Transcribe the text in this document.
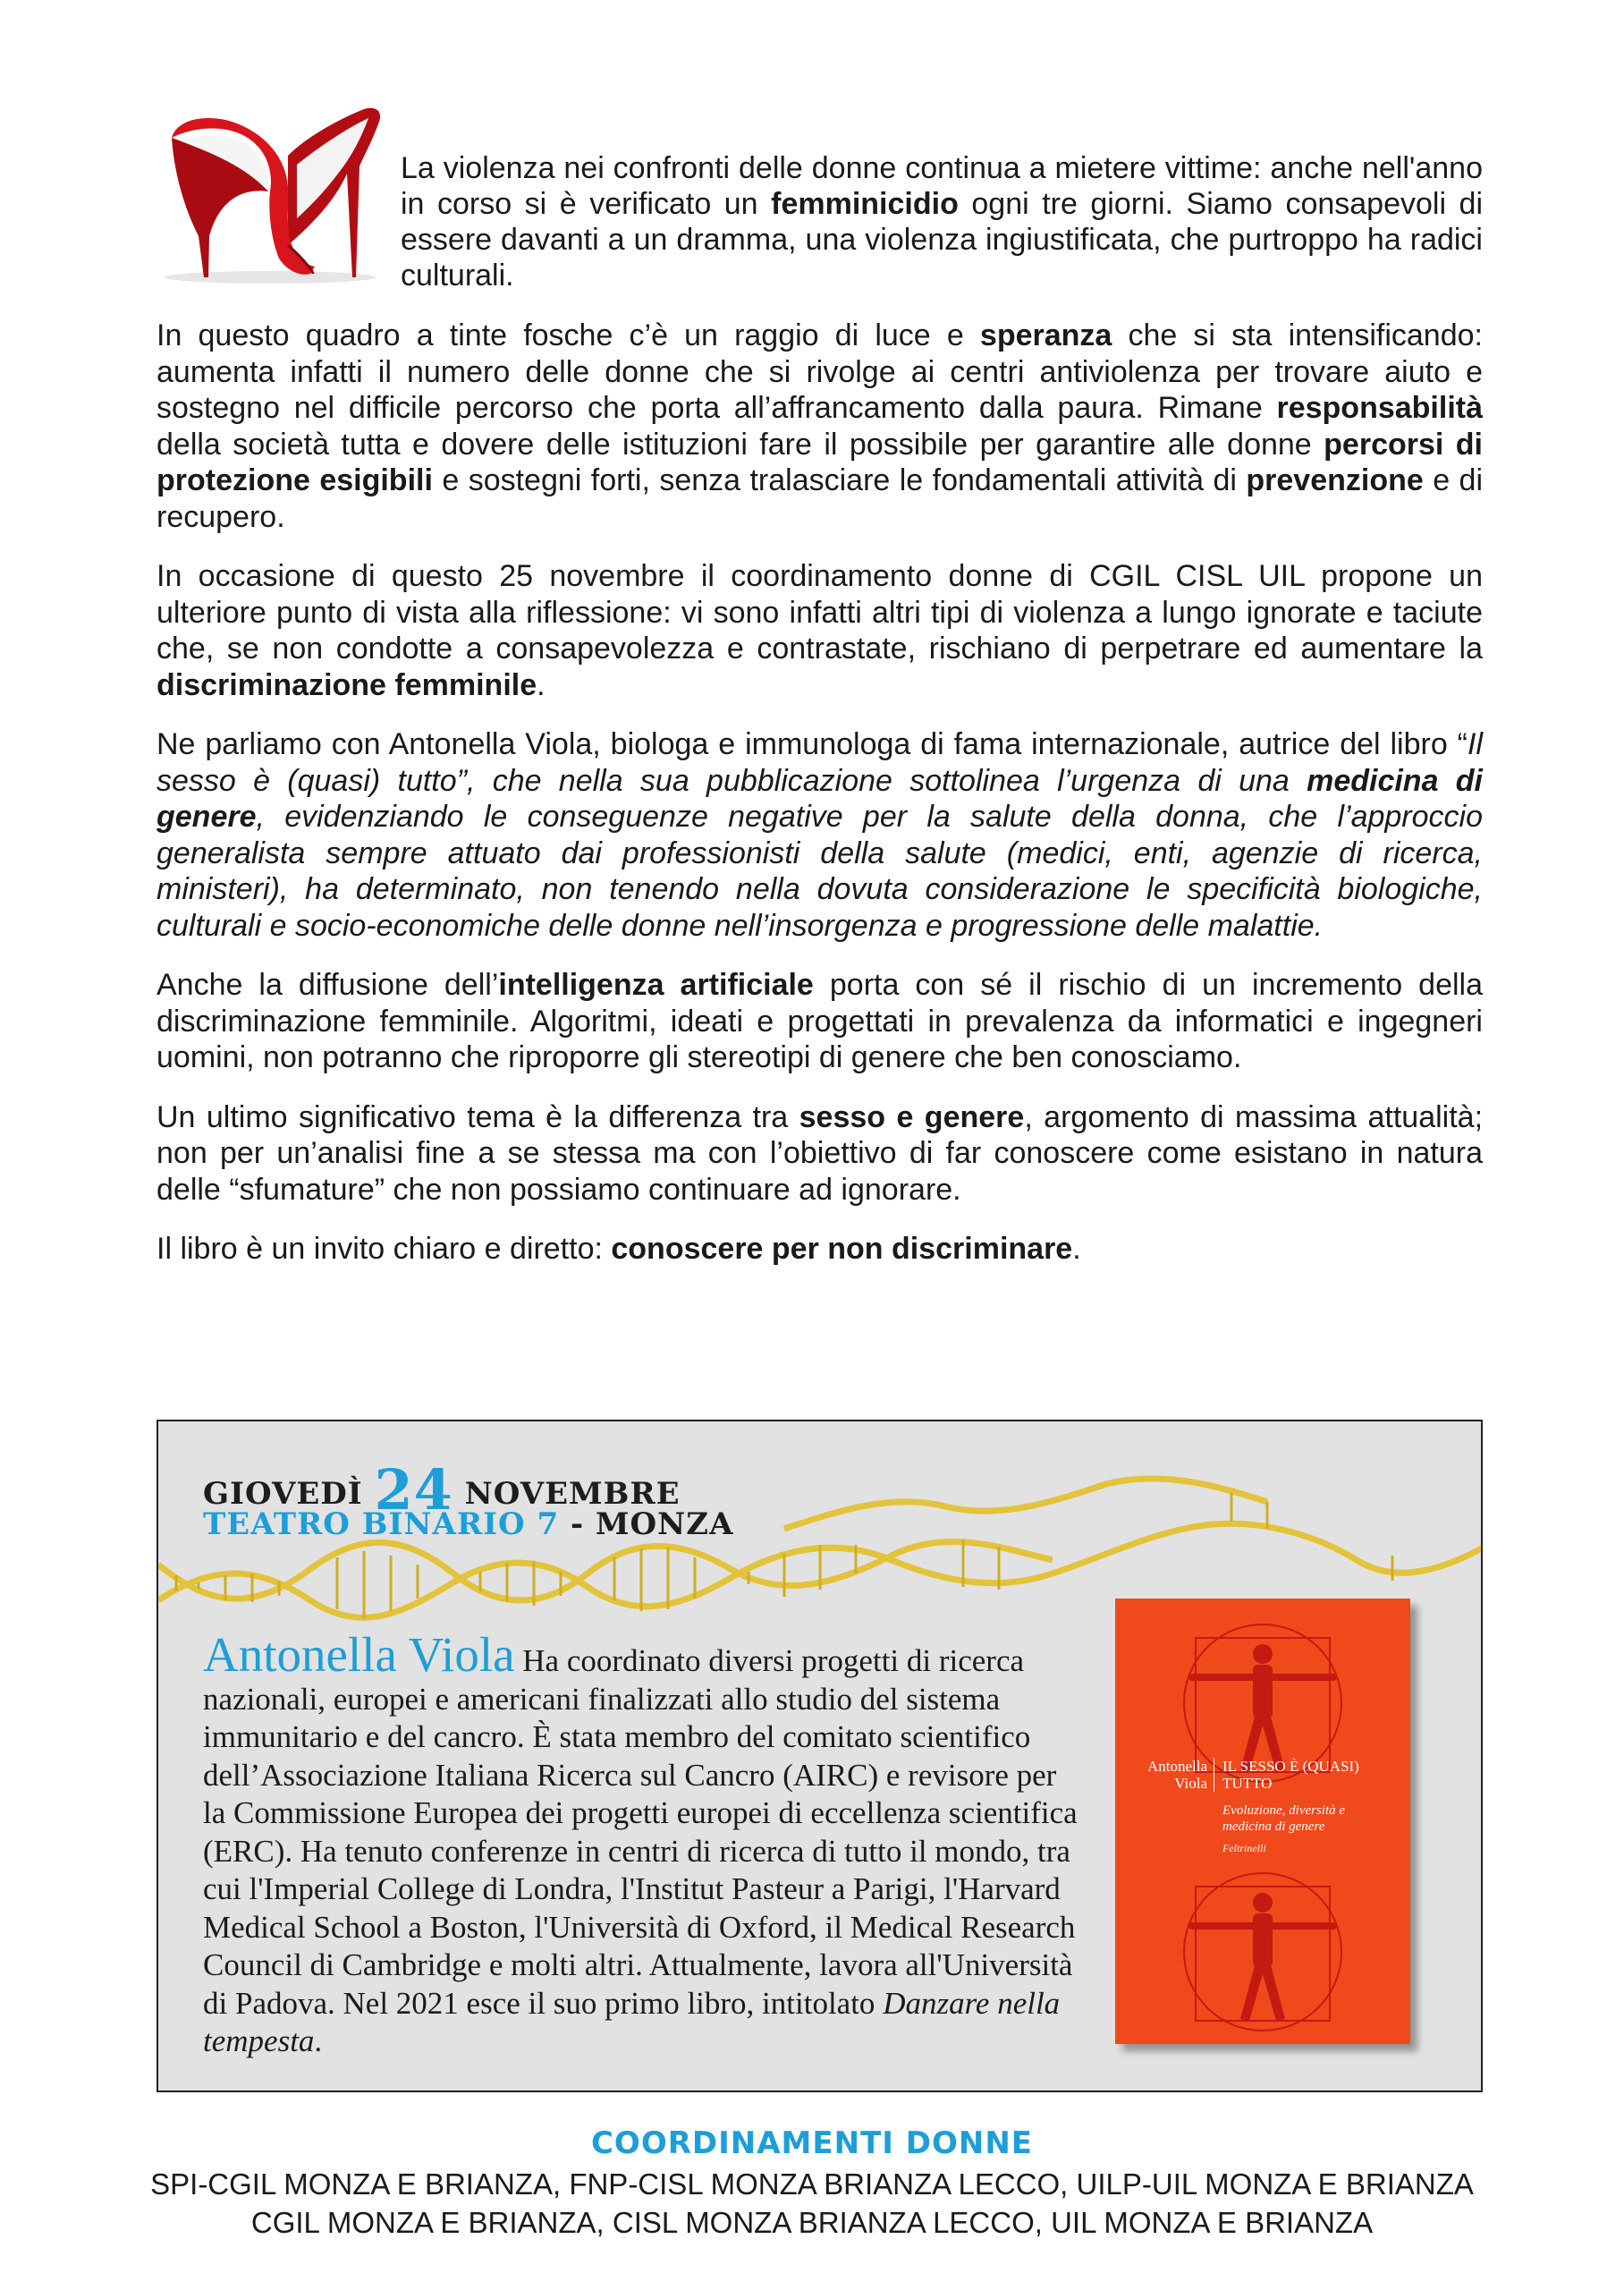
La violenza nei confronti delle donne continua a mietere vittime: anche nell'anno in corso si è verificato un femminicidio ogni tre giorni. Siamo consapevoli di essere davanti a un dramma, una violenza ingiustificata, che purtroppo ha radici culturali.

In questo quadro a tinte fosche c’è un raggio di luce e speranza che si sta intensificando: aumenta infatti il numero delle donne che si rivolge ai centri antiviolenza per trovare aiuto e sostegno nel difficile percorso che porta all’affrancamento dalla paura. Rimane responsabilità della società tutta e dovere delle istituzioni fare il possibile per garantire alle donne percorsi di protezione esigibili e sostegni forti, senza tralasciare le fondamentali attività di prevenzione e di recupero.

In occasione di questo 25 novembre il coordinamento donne di CGIL CISL UIL propone un ulteriore punto di vista alla riflessione: vi sono infatti altri tipi di violenza a lungo ignorate e taciute che, se non condotte a consapevolezza e contrastate, rischiano di perpetrare ed aumentare la discriminazione femminile.

Ne parliamo con Antonella Viola, biologa e immunologa di fama internazionale, autrice del libro “Il sesso è (quasi) tutto”, che nella sua pubblicazione sottolinea l’urgenza di una medicina di genere, evidenziando le conseguenze negative per la salute della donna, che l’approccio generalista sempre attuato dai professionisti della salute (medici, enti, agenzie di ricerca, ministeri), ha determinato, non tenendo nella dovuta considerazione le specificità biologiche, culturali e socio-economiche delle donne nell’insorgenza e progressione delle malattie.

Anche la diffusione dell’intelligenza artificiale porta con sé il rischio di un incremento della discriminazione femminile. Algoritmi, ideati e progettati in prevalenza da informatici e ingegneri uomini, non potranno che riproporre gli stereotipi di genere che ben conosciamo.

Un ultimo significativo tema è la differenza tra sesso e genere, argomento di massima attualità; non per un’analisi fine a se stessa ma con l’obiettivo di far conoscere come esistano in natura delle “sfumature” che non possiamo continuare ad ignorare.

Il libro è un invito chiaro e diretto: conoscere per non discriminare.

GIOVEDÌ 24 NOVEMBRE
TEATRO BINARIO 7 - MONZA
Antonella Viola
IL SESSO È (QUASI) TUTTO
Evoluzione, diversità e medicina di genere
Feltrinelli
Antonella Viola Ha coordinato diversi progetti di ricerca nazionali, europei e americani finalizzati allo studio del sistema immunitario e del cancro. È stata membro del comitato scientifico dell’Associazione Italiana Ricerca sul Cancro (AIRC) e revisore per la Commissione Europea dei progetti europei di eccellenza scientifica (ERC). Ha tenuto conferenze in centri di ricerca di tutto il mondo, tra cui l'Imperial College di Londra, l'Institut Pasteur a Parigi, l'Harvard Medical School a Boston, l'Università di Oxford, il Medical Research Council di Cambridge e molti altri. Attualmente, lavora all'Università di Padova. Nel 2021 esce il suo primo libro, intitolato Danzare nella tempesta.
COORDINAMENTI DONNE
SPI-CGIL MONZA E BRIANZA, FNP-CISL MONZA BRIANZA LECCO, UILP-UIL MONZA E BRIANZA
CGIL MONZA E BRIANZA, CISL MONZA BRIANZA LECCO, UIL MONZA E BRIANZA
